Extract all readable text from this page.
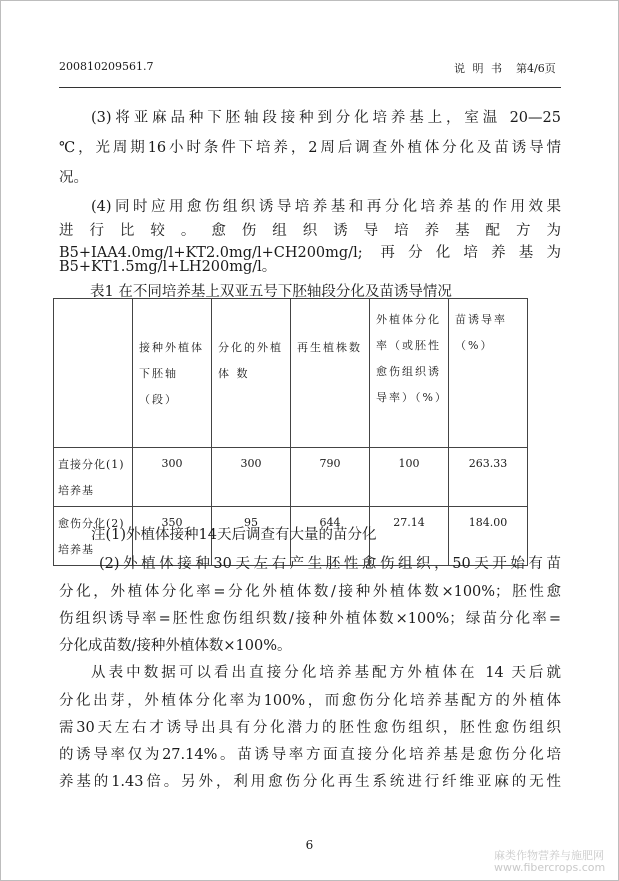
200810209561.7	说 明 书 第4/6页
(3)将亚麻品种下胚轴段接种到分化培养基上，室温 20—25
℃，光周期16小时条件下培养，2周后调查外植体分化及苗诱导情
况。
(4)同时应用愈伤组织诱导培养基和再分化培养基的作用效果
进行比较。愈伤组织诱导培养基配方为
B5+IAA4.0mg/l+KT2.0mg/l+CH200mg/l; 再分化培养基为
表1 在不同培养基上双亚五号下胚轴段分化及苗诱导情况
	接种外植体下胚轴（段）	分化的外植体 数	再生植株数	外植体分化率（或胚性愈伤组织诱导率）（%）	苗诱导率 （%）
直接分化(1)培养基	300	300	790	100	263.33
愈伤分化(2)培养基	350	95	644	27.14	184.00
注(1)外植体接种14天后调查有大量的苗分化
(2)外植体接种30天左右产生胚性愈伤组织，50天开始有苗
分化，外植体分化率=分化外植体数/接种外植体数×100%；胚性愈
伤组织诱导率=胚性愈伤组织数/接种外植体数×100%；绿苗分化率=
分化成苗数/接种外植体数×100%。
从表中数据可以看出直接分化培养基配方外植体在 14 天后就
分化出芽，外植体分化率为100%，而愈伤分化培养基配方的外植体
需30天左右才诱导出具有分化潜力的胚性愈伤组织，胚性愈伤组织
的诱导率仅为27.14%。苗诱导率方面直接分化培养基是愈伤分化培
养基的1.43倍。另外，利用愈伤分化再生系统进行纤维亚麻的无性
6
麻类作物营养与施肥网
www.fibercrops.com
B5+KT1.5mg/l+LH200mg/l。
